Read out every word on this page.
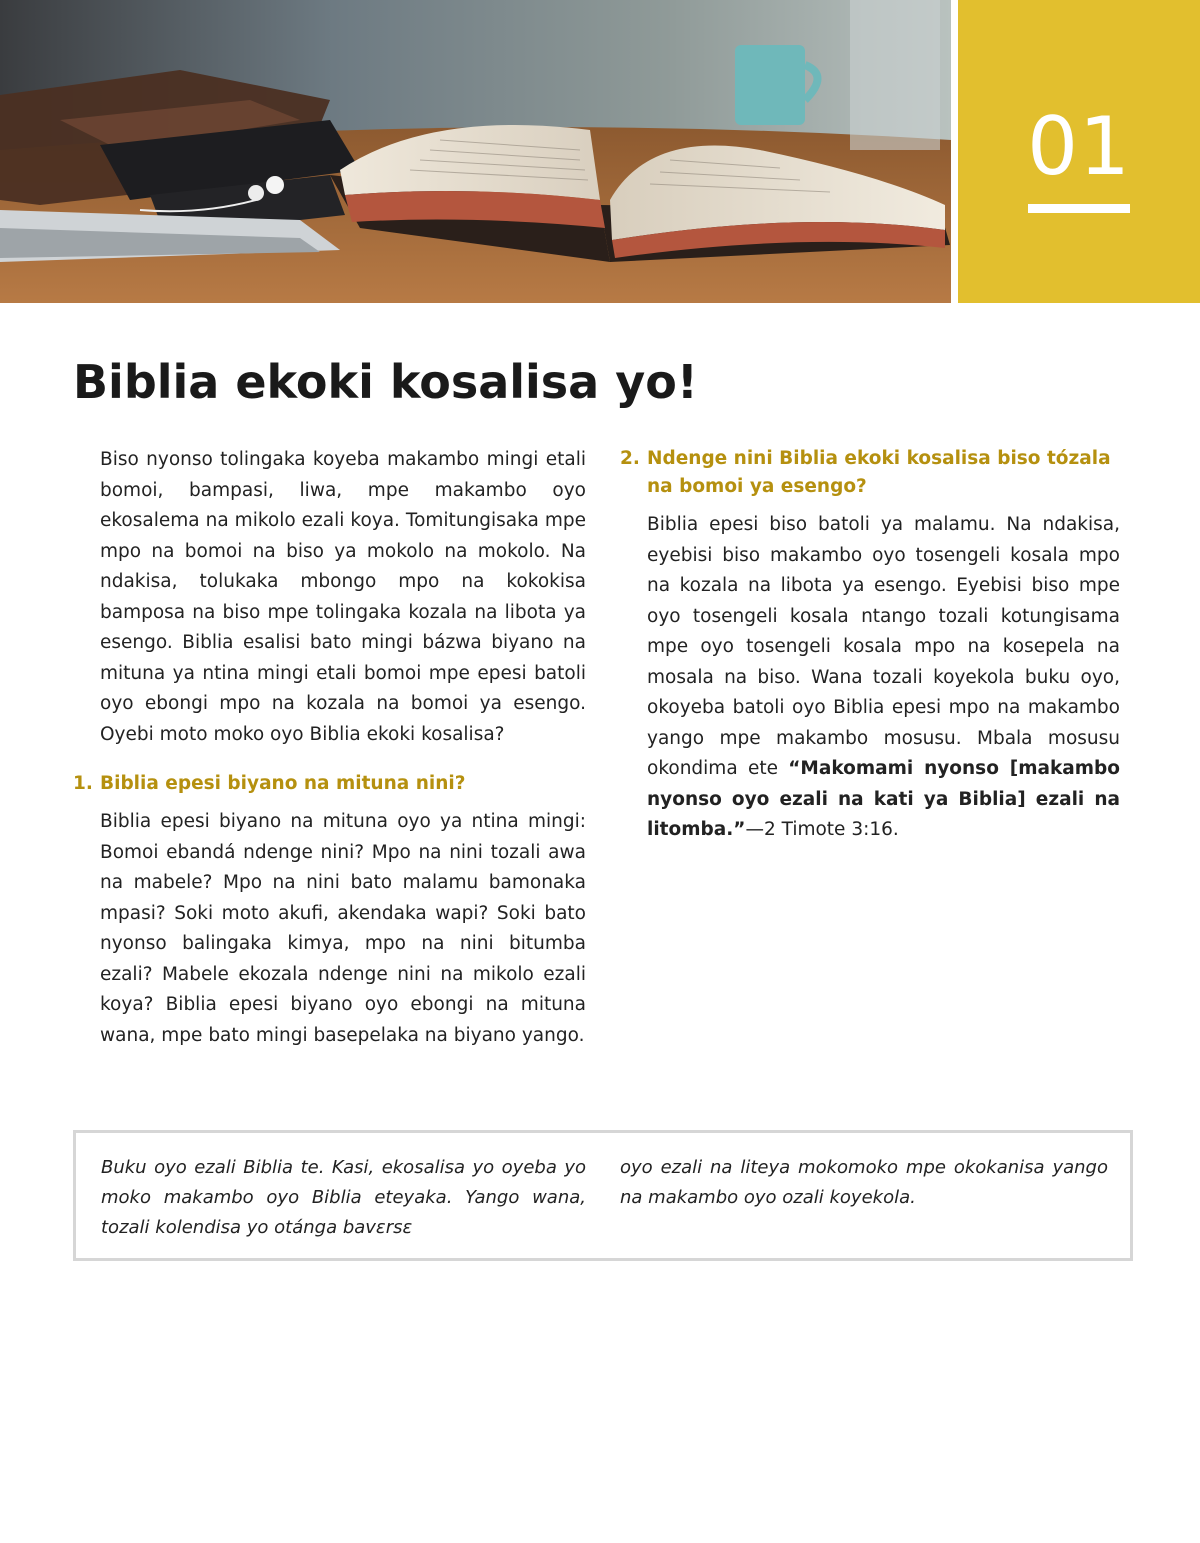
01
Biblia ekoki kosalisa yo!

Biso nyonso tolingaka koyeba makambo mingi etali bomoi, bampasi, liwa, mpe makambo oyo ekosalema na mikolo ezali koya. Tomitungisaka mpe mpo na bomoi na biso ya mokolo na mokolo. Na ndakisa, tolukaka mbongo mpo na kokokisa bamposa na biso mpe tolingaka kozala na libota ya esengo. Biblia esalisi bato mingi bázwa biyano na mituna ya ntina mingi etali bomoi mpe epesi batoli oyo ebongi mpo na kozala na bomoi ya esengo. Oyebi moto moko oyo Biblia ekoki kosalisa?

1. Biblia epesi biyano na mituna nini?

Biblia epesi biyano na mituna oyo ya ntina mingi: Bomoi ebandá ndenge nini? Mpo na nini tozali awa na mabele? Mpo na nini bato malamu bamonaka mpasi? Soki moto akufi, akendaka wapi? Soki bato nyonso balingaka kimya, mpo na nini bitumba ezali? Mabele ekozala ndenge nini na mikolo ezali koya? Biblia epesi biyano oyo ebongi na mituna wana, mpe bato mingi basepelaka na biyano yango.

2. Ndenge nini Biblia ekoki kosalisa biso tózala na bomoi ya esengo?

Biblia epesi biso batoli ya malamu. Na ndakisa, eyebisi biso makambo oyo tosengeli kosala mpo na kozala na libota ya esengo. Eyebisi biso mpe oyo tosengeli kosala ntango tozali kotungisama mpe oyo tosengeli kosala mpo na kosepela na mosala na biso. Wana tozali koyekola buku oyo, okoyeba batoli oyo Biblia epesi mpo na makambo yango mpe makambo mosusu. Mbala mosusu okondima ete “Makomami nyonso [makambo nyonso oyo ezali na kati ya Biblia] ezali na litomba.”—2 Timote 3:16.

Buku oyo ezali Biblia te. Kasi, ekosalisa yo oyeba yo moko makambo oyo Biblia eteyaka. Yango wana, tozali kolendisa yo otánga bavɛrsɛ

oyo ezali na liteya mokomoko mpe okokanisa yango na makambo oyo ozali koyekola.
